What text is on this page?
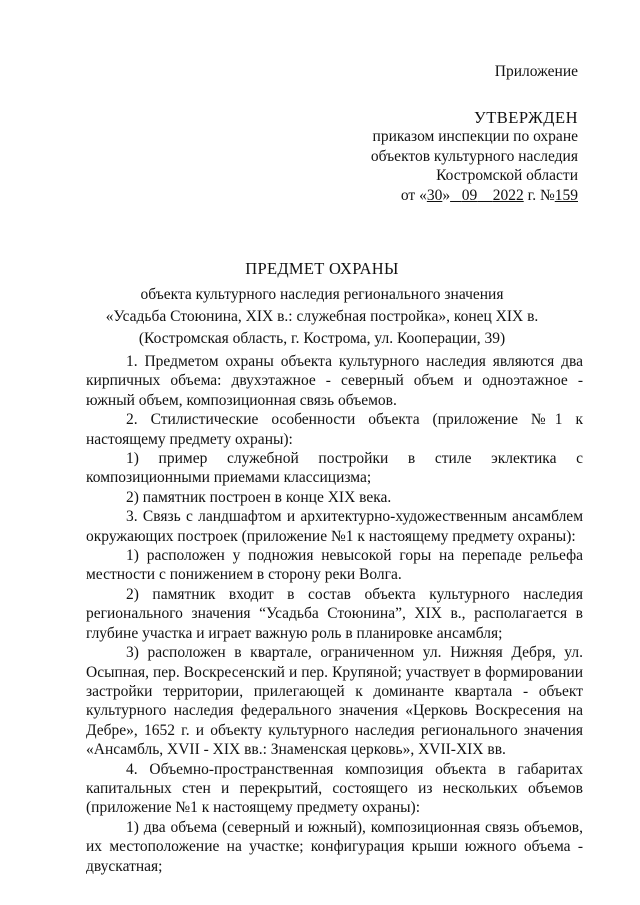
Приложение
УТВЕРЖДЕН
приказом инспекции по охране
объектов культурного наследия
Костромской области
от «30» 09 2022 г. №159
ПРЕДМЕТ ОХРАНЫ
объекта культурного наследия регионального значения
«Усадьба Стоюнина, XIX в.: служебная постройка», конец XIX в.
(Костромская область, г. Кострома, ул. Кооперации, 39)

1. Предметом охраны объекта культурного наследия являются два кирпичных объема: двухэтажное - северный объем и одноэтажное - южный объем, композиционная связь объемов.

2. Стилистические особенности объекта (приложение №1 к настоящему предмету охраны):

1) пример служебной постройки в стиле эклектика с композиционными приемами классицизма;

2) памятник построен в конце XIX века.

3. Связь с ландшафтом и архитектурно-художественным ансамблем окружающих построек (приложение №1 к настоящему предмету охраны):

1) расположен у подножия невысокой горы на перепаде рельефа местности с понижением в сторону реки Волга.

2) памятник входит в состав объекта культурного наследия регионального значения “Усадьба Стоюнина”, XIX в., располагается в глубине участка и играет важную роль в планировке ансамбля;

3) расположен в квартале, ограниченном ул. Нижняя Дебря, ул. Осыпная, пер. Воскресенский и пер. Крупяной; участвует в формировании застройки территории, прилегающей к доминанте квартала - объект культурного наследия федерального значения «Церковь Воскресения на Дебре», 1652 г. и объекту культурного наследия регионального значения «Ансамбль, XVII - XIX вв.: Знаменская церковь», XVII-XIX вв.

4. Объемно-пространственная композиция объекта в габаритах капитальных стен и перекрытий, состоящего из нескольких объемов (приложение №1 к настоящему предмету охраны):

1) два объема (северный и южный), композиционная связь объемов, их местоположение на участке; конфигурация крыши южного объема - двускатная;
